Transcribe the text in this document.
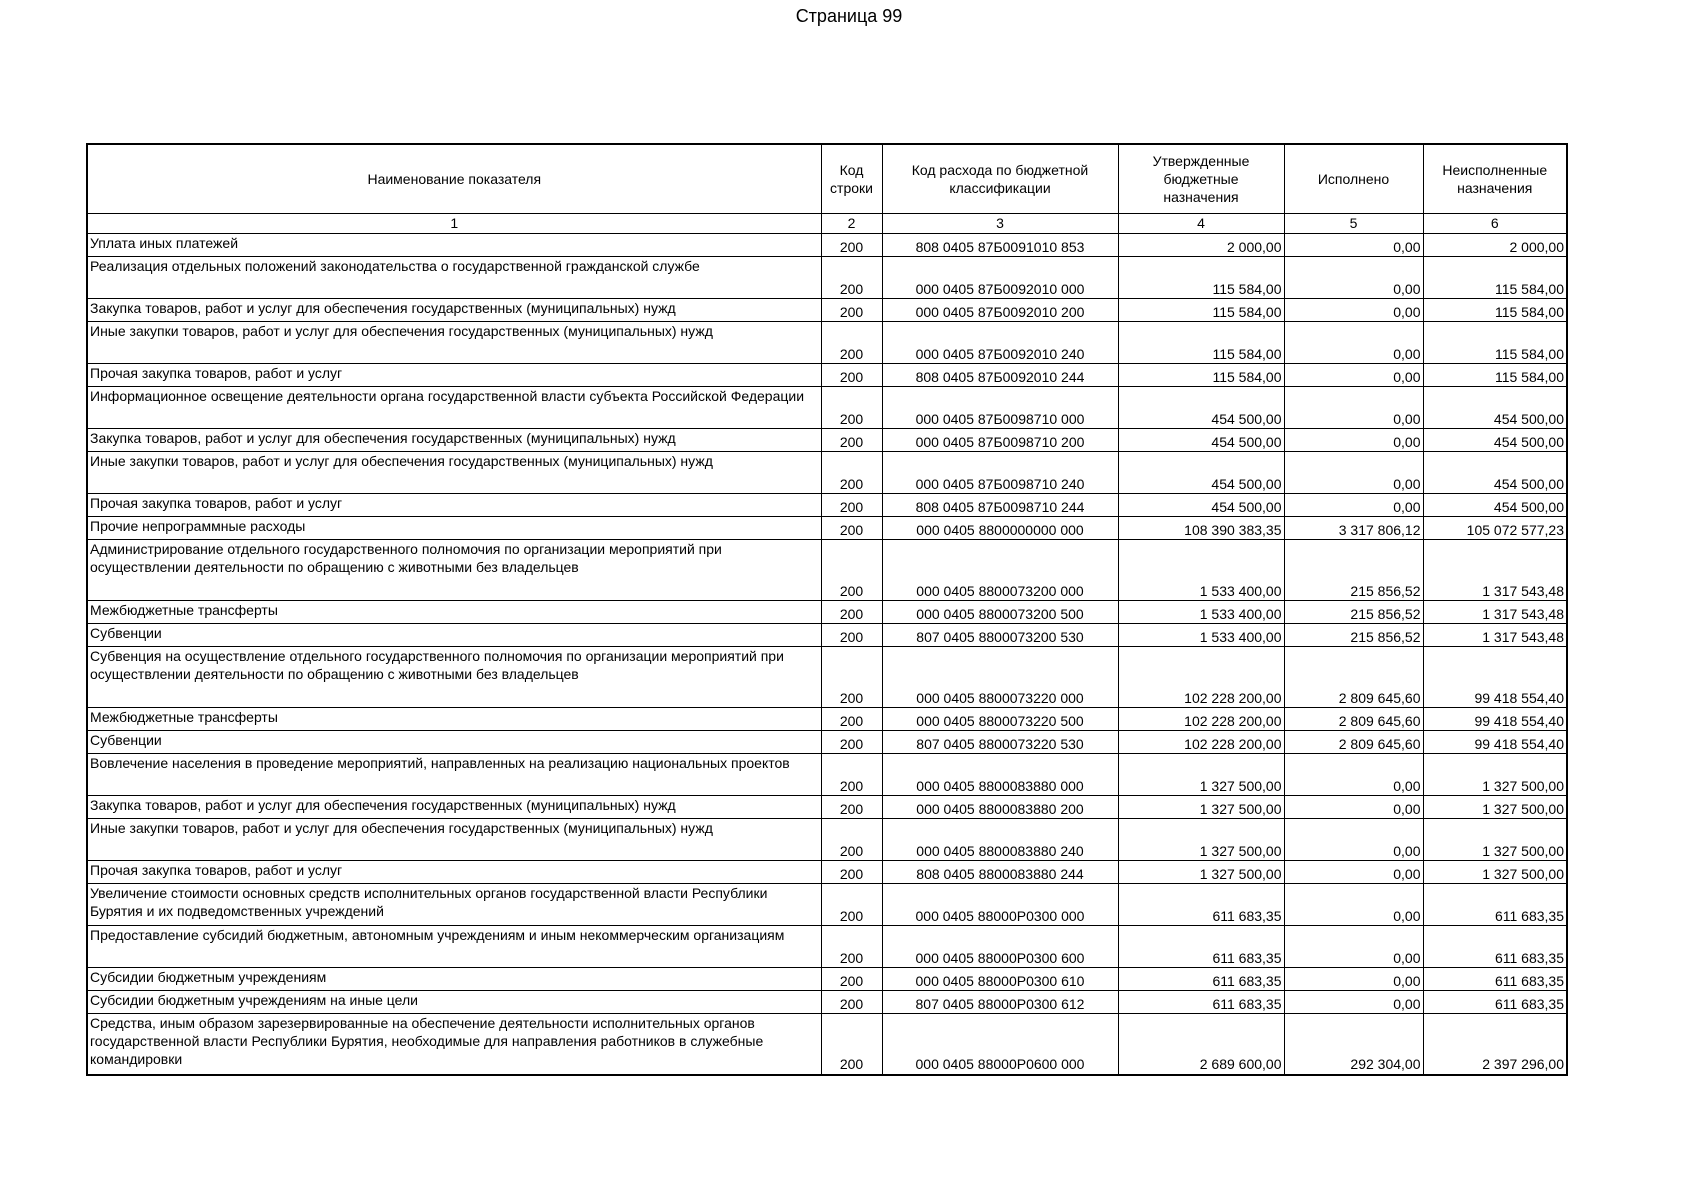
Страница 99
Наименование показателя	Код строки	Код расхода по бюджетной классификации	Утвержденные бюджетные назначения	Исполнено	Неисполненные назначения
1	2	3	4	5	6
Уплата иных платежей	200	808 0405 87Б0091010 853	2 000,00	0,00	2 000,00
Реализация отдельных положений законодательства о государственной гражданской службе	200	000 0405 87Б0092010 000	115 584,00	0,00	115 584,00
Закупка товаров, работ и услуг для обеспечения государственных (муниципальных) нужд	200	000 0405 87Б0092010 200	115 584,00	0,00	115 584,00
Иные закупки товаров, работ и услуг для обеспечения государственных (муниципальных) нужд	200	000 0405 87Б0092010 240	115 584,00	0,00	115 584,00
Прочая закупка товаров, работ и услуг	200	808 0405 87Б0092010 244	115 584,00	0,00	115 584,00
Информационное освещение деятельности органа государственной власти субъекта Российской Федерации	200	000 0405 87Б0098710 000	454 500,00	0,00	454 500,00
Закупка товаров, работ и услуг для обеспечения государственных (муниципальных) нужд	200	000 0405 87Б0098710 200	454 500,00	0,00	454 500,00
Иные закупки товаров, работ и услуг для обеспечения государственных (муниципальных) нужд	200	000 0405 87Б0098710 240	454 500,00	0,00	454 500,00
Прочая закупка товаров, работ и услуг	200	808 0405 87Б0098710 244	454 500,00	0,00	454 500,00
Прочие непрограммные расходы	200	000 0405 8800000000 000	108 390 383,35	3 317 806,12	105 072 577,23
Администрирование отдельного государственного полномочия по организации мероприятий при осуществлении деятельности по обращению с животными без владельцев	200	000 0405 8800073200 000	1 533 400,00	215 856,52	1 317 543,48
Межбюджетные трансферты	200	000 0405 8800073200 500	1 533 400,00	215 856,52	1 317 543,48
Субвенции	200	807 0405 8800073200 530	1 533 400,00	215 856,52	1 317 543,48
Субвенция на осуществление отдельного государственного полномочия по организации мероприятий при осуществлении деятельности по обращению с животными без владельцев	200	000 0405 8800073220 000	102 228 200,00	2 809 645,60	99 418 554,40
Межбюджетные трансферты	200	000 0405 8800073220 500	102 228 200,00	2 809 645,60	99 418 554,40
Субвенции	200	807 0405 8800073220 530	102 228 200,00	2 809 645,60	99 418 554,40
Вовлечение населения в проведение мероприятий, направленных на реализацию национальных проектов	200	000 0405 8800083880 000	1 327 500,00	0,00	1 327 500,00
Закупка товаров, работ и услуг для обеспечения государственных (муниципальных) нужд	200	000 0405 8800083880 200	1 327 500,00	0,00	1 327 500,00
Иные закупки товаров, работ и услуг для обеспечения государственных (муниципальных) нужд	200	000 0405 8800083880 240	1 327 500,00	0,00	1 327 500,00
Прочая закупка товаров, работ и услуг	200	808 0405 8800083880 244	1 327 500,00	0,00	1 327 500,00
Увеличение стоимости основных средств исполнительных органов государственной власти Республики Бурятия и их подведомственных учреждений	200	000 0405 88000Р0300 000	611 683,35	0,00	611 683,35
Предоставление субсидий бюджетным, автономным учреждениям и иным некоммерческим организациям	200	000 0405 88000Р0300 600	611 683,35	0,00	611 683,35
Субсидии бюджетным учреждениям	200	000 0405 88000Р0300 610	611 683,35	0,00	611 683,35
Субсидии бюджетным учреждениям на иные цели	200	807 0405 88000Р0300 612	611 683,35	0,00	611 683,35
Средства, иным образом зарезервированные на обеспечение деятельности исполнительных органов государственной власти Республики Бурятия, необходимые для направления работников в служебные командировки	200	000 0405 88000Р0600 000	2 689 600,00	292 304,00	2 397 296,00
